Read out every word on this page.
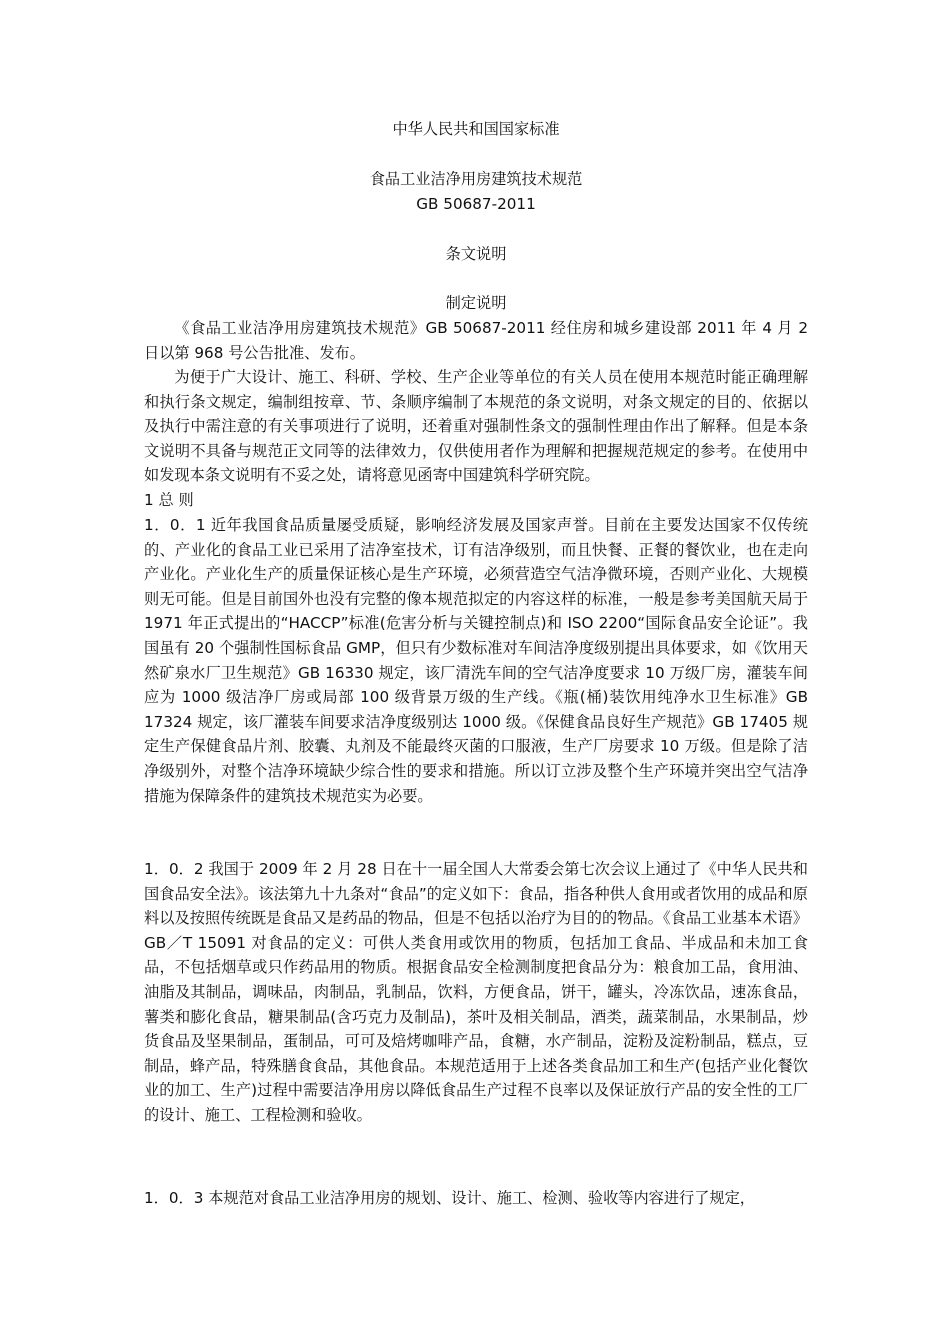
中华人民共和国国家标准

食品工业洁净用房建筑技术规范

GB 50687-2011

条文说明

制定说明

《食品工业洁净用房建筑技术规范》GB 50687-2011 经住房和城乡建设部 2011 年 4 月 2 日以第 968 号公告批准、发布。

为便于广大设计、施工、科研、学校、生产企业等单位的有关人员在使用本规范时能正确理解和执行条文规定，编制组按章、节、条顺序编制了本规范的条文说明，对条文规定的目的、依据以及执行中需注意的有关事项进行了说明，还着重对强制性条文的强制性理由作出了解释。但是本条文说明不具备与规范正文同等的法律效力，仅供使用者作为理解和把握规范规定的参考。在使用中如发现本条文说明有不妥之处，请将意见函寄中国建筑科学研究院。

1 总 则

1．0．1 近年我国食品质量屡受质疑，影响经济发展及国家声誉。目前在主要发达国家不仅传统的、产业化的食品工业已采用了洁净室技术，订有洁净级别，而且快餐、正餐的餐饮业，也在走向产业化。产业化生产的质量保证核心是生产环境，必须营造空气洁净微环境，否则产业化、大规模则无可能。但是目前国外也没有完整的像本规范拟定的内容这样的标准，一般是参考美国航天局于 1971 年正式提出的“HACCP”标准(危害分析与关键控制点)和 ISO 2200“国际食品安全论证”。我国虽有 20 个强制性国标食品 GMP，但只有少数标准对车间洁净度级别提出具体要求，如《饮用天然矿泉水厂卫生规范》GB 16330 规定，该厂清洗车间的空气洁净度要求 10 万级厂房，灌装车间应为 1000 级洁净厂房或局部 100 级背景万级的生产线。《瓶(桶)装饮用纯净水卫生标准》GB 17324 规定，该厂灌装车间要求洁净度级别达 1000 级。《保健食品良好生产规范》GB 17405 规定生产保健食品片剂、胶囊、丸剂及不能最终灭菌的口服液，生产厂房要求 10 万级。但是除了洁净级别外，对整个洁净环境缺少综合性的要求和措施。所以订立涉及整个生产环境并突出空气洁净措施为保障条件的建筑技术规范实为必要。

1．0．2 我国于 2009 年 2 月 28 日在十一届全国人大常委会第七次会议上通过了《中华人民共和国食品安全法》。该法第九十九条对“食品”的定义如下：食品，指各种供人食用或者饮用的成品和原料以及按照传统既是食品又是药品的物品，但是不包括以治疗为目的的物品。《食品工业基本术语》GB／T 15091 对食品的定义：可供人类食用或饮用的物质，包括加工食品、半成品和未加工食品，不包括烟草或只作药品用的物质。根据食品安全检测制度把食品分为：粮食加工品，食用油、油脂及其制品，调味品，肉制品，乳制品，饮料，方便食品，饼干，罐头，冷冻饮品，速冻食品，薯类和膨化食品，糖果制品(含巧克力及制品)，茶叶及相关制品，酒类，蔬菜制品，水果制品，炒货食品及坚果制品，蛋制品，可可及焙烤咖啡产品，食糖，水产制品，淀粉及淀粉制品，糕点，豆制品，蜂产品，特殊膳食食品，其他食品。本规范适用于上述各类食品加工和生产(包括产业化餐饮业的加工、生产)过程中需要洁净用房以降低食品生产过程不良率以及保证放行产品的安全性的工厂的设计、施工、工程检测和验收。

1．0．3 本规范对食品工业洁净用房的规划、设计、施工、检测、验收等内容进行了规定，
